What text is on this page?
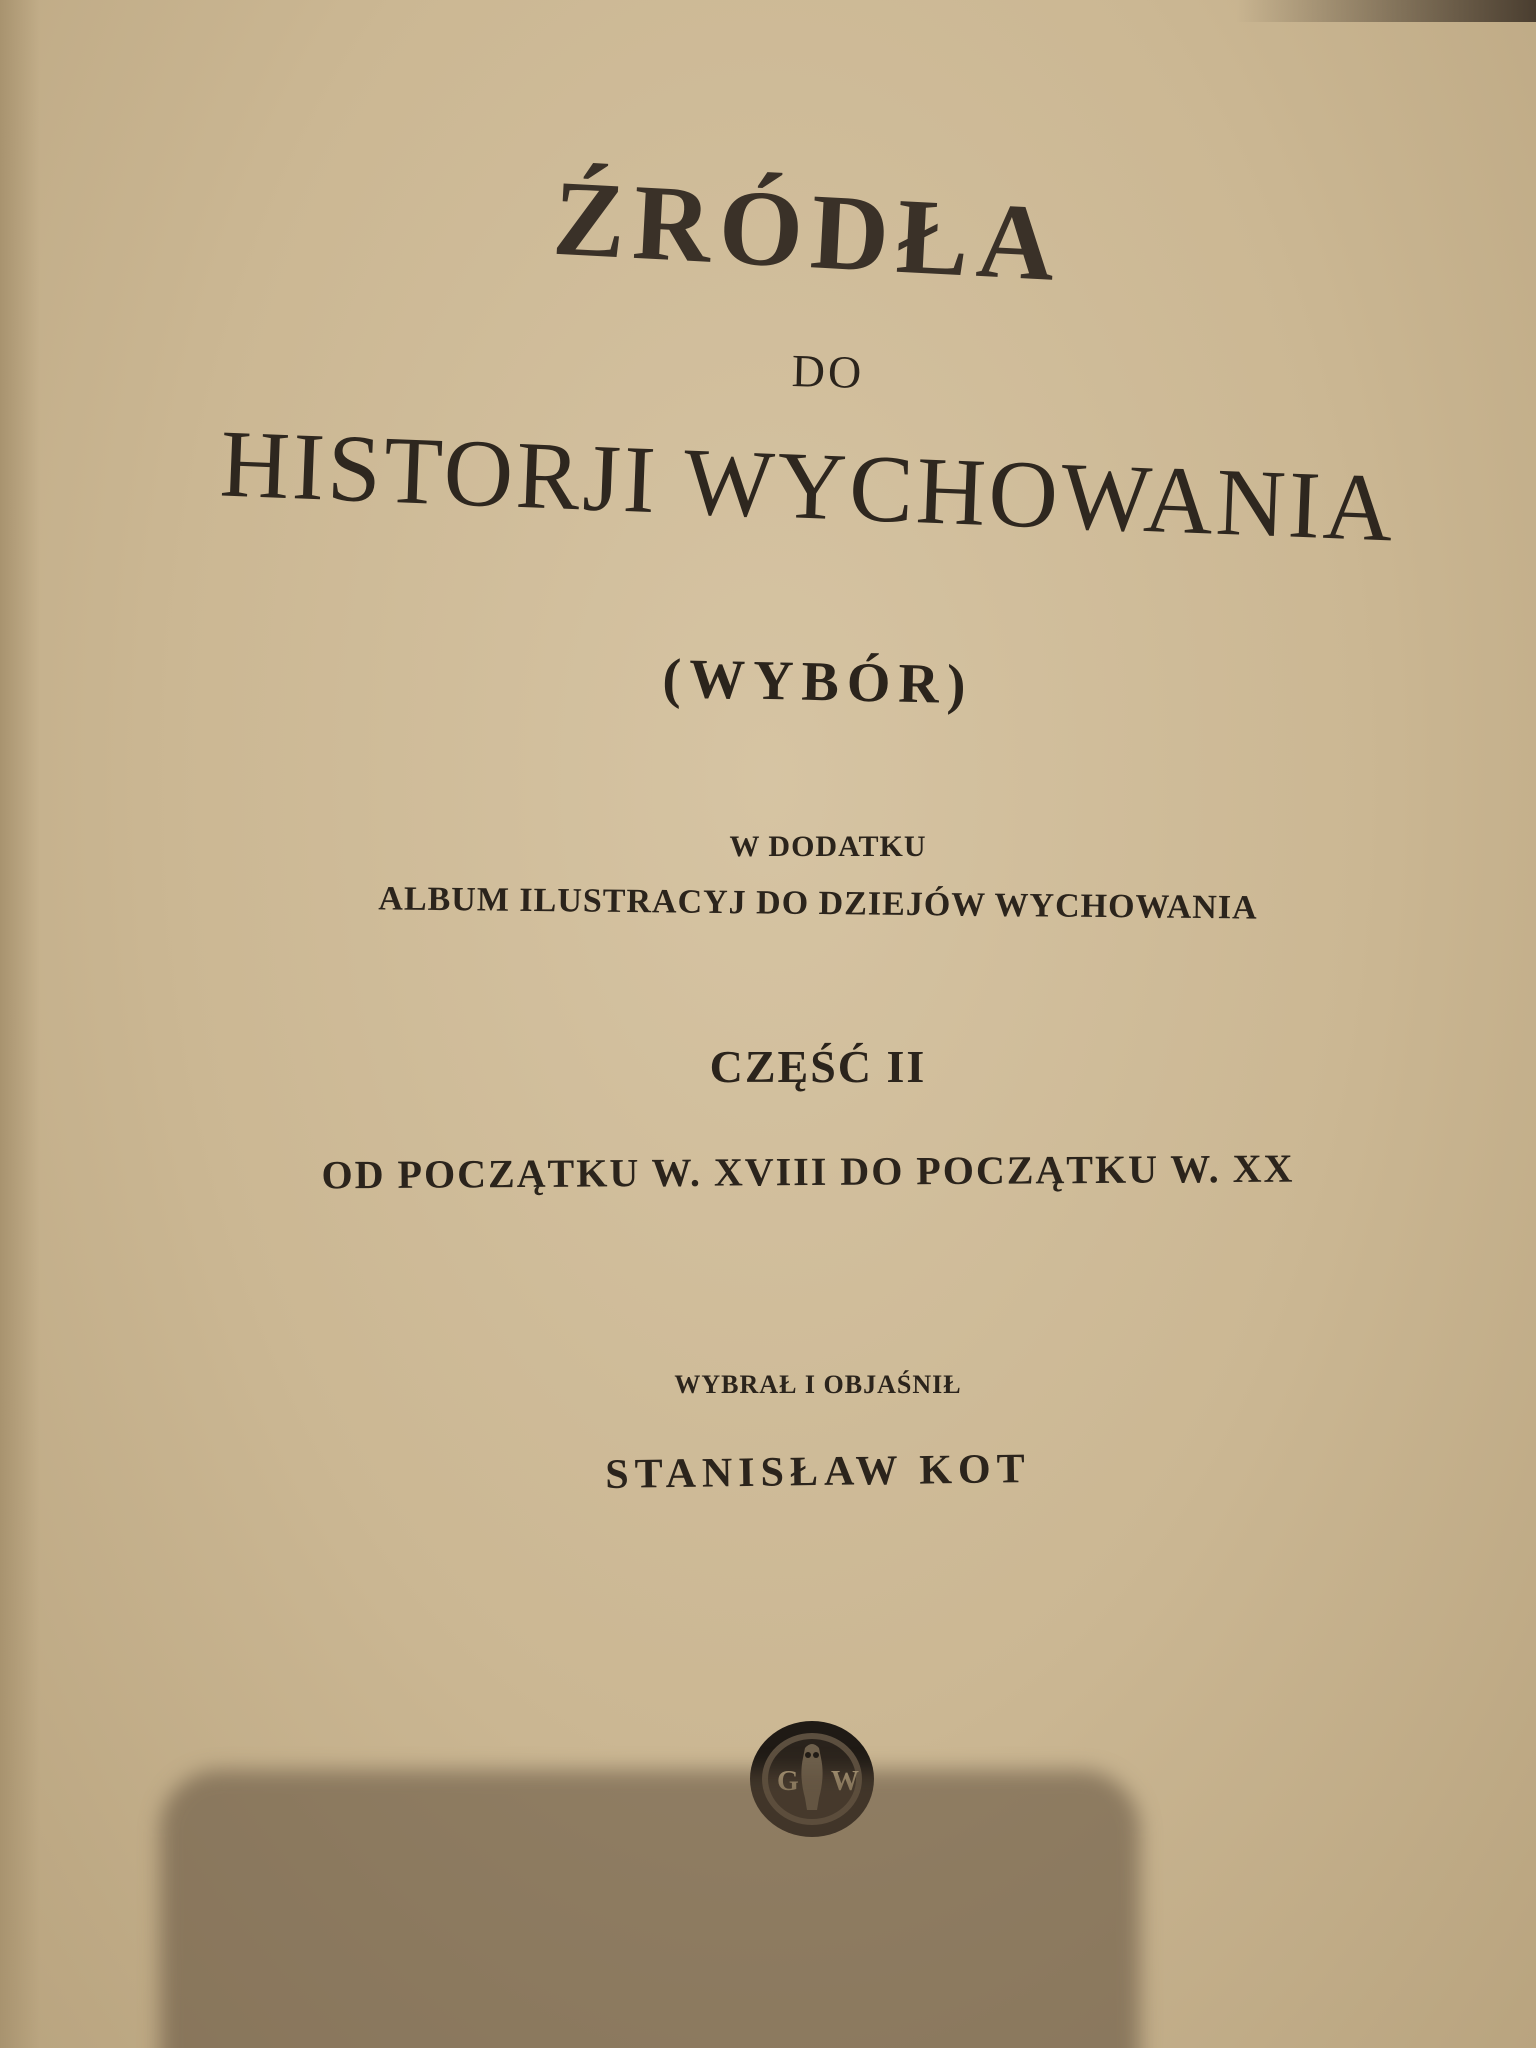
ŹRÓDŁA
DO
HISTORJI WYCHOWANIA
(WYBÓR)
W DODATKU
ALBUM ILUSTRACYJ DO DZIEJÓW WYCHOWANIA
CZĘŚĆ II
OD POCZĄTKU W. XVIII DO POCZĄTKU W. XX
WYBRAŁ I OBJAŚNIŁ
STANISŁAW KOT
